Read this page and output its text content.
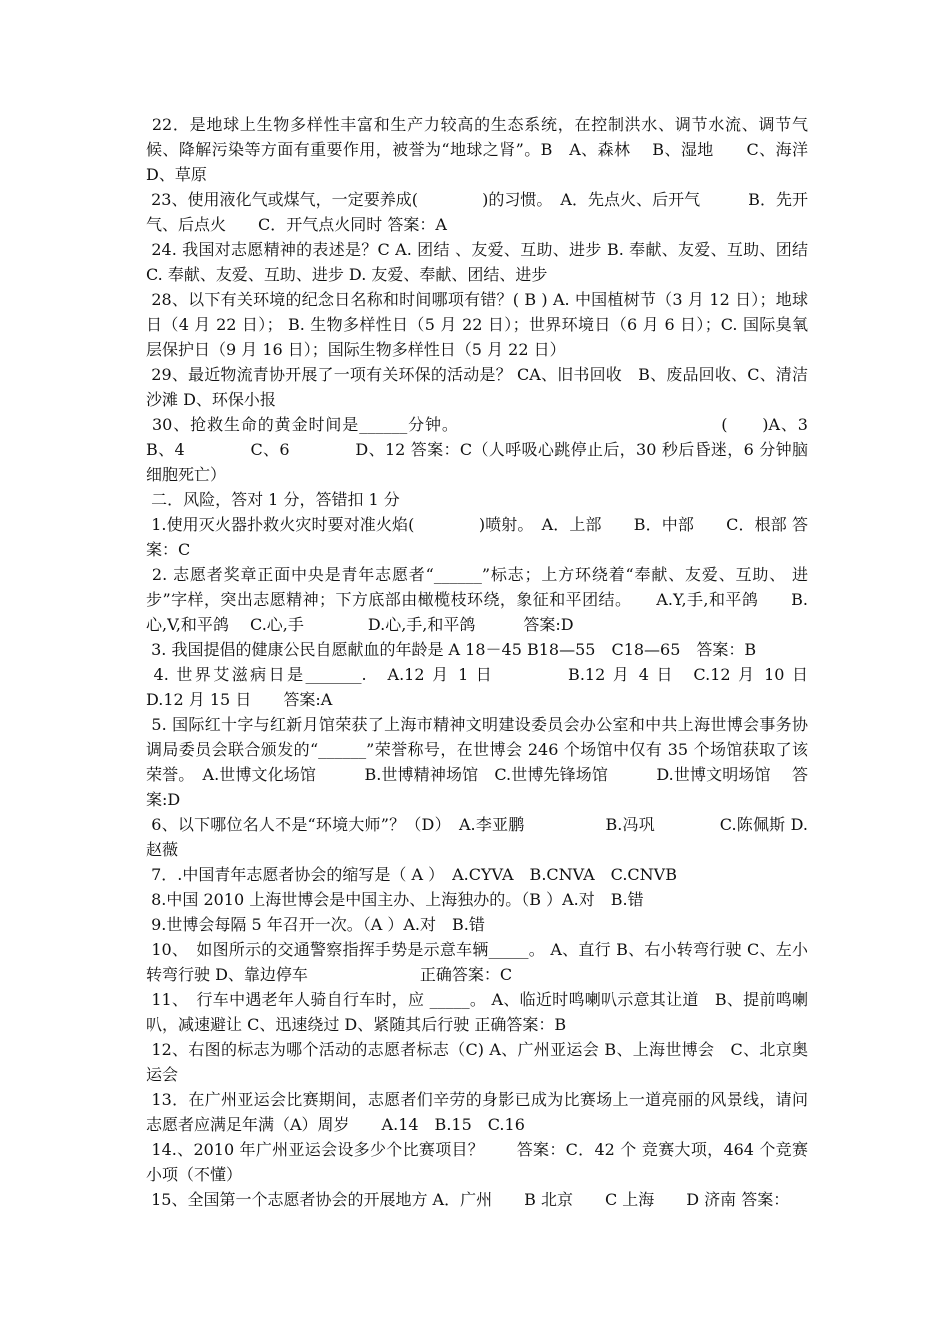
22．是地球上生物多样性丰富和生产力较高的生态系统，在控制洪水、调节水流、调节气候、降解污染等方面有重要作用，被誉为“地球之肾”。B　A、森林　 B、湿地　　C、海洋　 D、草原

23、使用液化气或煤气，一定要养成(　　　　)的习惯。　A．先点火、后开气　　　B．先开气、后点火　　C．开气点火同时 答案：A

24. 我国对志愿精神的表述是？C A. 团结 、友爱、互助、进步 B. 奉献、友爱、互助、团结 C. 奉献、友爱、互助、进步 D. 友爱、奉献、团结、进步

28、以下有关环境的纪念日名称和时间哪项有错？( B ) A. 中国植树节（3 月 12 日）；地球日（4 月 22 日）； B. 生物多样性日（5 月 22 日）；世界环境日（6 月 6 日）；C. 国际臭氧层保护日（9 月 16 日）；国际生物多样性日（5 月 22 日）

29、最近物流青协开展了一项有关环保的活动是？ CA、旧书回收　B、废品回收、C、清洁沙滩 D、环保小报

30、抢救生命的黄金时间是______分钟。　　　　　　　　　　　　　　　　(　　)A、3　B、4　　　　C、6　　　　D、12 答案：C（人呼吸心跳停止后，30 秒后昏迷，6 分钟脑细胞死亡）

二．风险，答对 1 分，答错扣 1 分

1.使用灭火器扑救火灾时要对准火焰(　　　　)喷射。　A．上部　　B．中部　　C．根部 答案：C

2. 志愿者奖章正面中央是青年志愿者“______”标志；上方环绕着“奉献、友爱、互助、 进步”字样，突出志愿精神；下方底部由橄榄枝环绕，象征和平团结。　　A.Y,手,和平鸽　　B.心,V,和平鸽　 C.心,手　　　　D.心,手,和平鸽　　　答案:D

3. 我国提倡的健康公民自愿献血的年龄是 A 18－45 B18—55　C18—65　答案：B

4. 世界艾滋病日是_______.　A.12 月 1 日　　　　B.12 月 4 日　C.12 月 10 日　　　　D.12 月 15 日　　答案:A

5. 国际红十字与红新月馆荣获了上海市精神文明建设委员会办公室和中共上海世博会事务协调局委员会联合颁发的“______”荣誉称号，在世博会 246 个场馆中仅有 35 个场馆获取了该荣誉。　A.世博文化场馆　　　B.世博精神场馆　C.世博先锋场馆　　　D.世博文明场馆　 答案:D

6、以下哪位名人不是“环境大师”？（D）　A.李亚鹏　　　　　B.冯巩　　　　C.陈佩斯 D.赵薇

7．.中国青年志愿者协会的缩写是（ A ）　A.CYVA　B.CNVA　C.CNVB

8.中国 2010 上海世博会是中国主办、上海独办的。（B ）A.对　B.错

9.世博会每隔 5 年召开一次。（A ）A.对　B.错

10、　如图所示的交通警察指挥手势是示意车辆_____。 A、直行 B、右小转弯行驶 C、左小转弯行驶 D、靠边停车　　　　　　　正确答案：C

11、　行车中遇老年人骑自行车时，应 _____。 A、临近时鸣喇叭示意其让道　B、提前鸣喇叭，减速避让 C、迅速绕过 D、紧随其后行驶 正确答案：B

12、右图的标志为哪个活动的志愿者标志（C) A、广州亚运会 B、上海世博会　C、北京奥运会

13．在广州亚运会比赛期间，志愿者们辛劳的身影已成为比赛场上一道亮丽的风景线，请问志愿者应满足年满（A）周岁　　A.14　B.15　C.16

14.、2010 年广州亚运会设多少个比赛项目？　　答案：C．42 个 竞赛大项，464 个竞赛小项（不懂）

15、全国第一个志愿者协会的开展地方 A．广州　　B 北京　　C 上海　　D 济南 答案：
